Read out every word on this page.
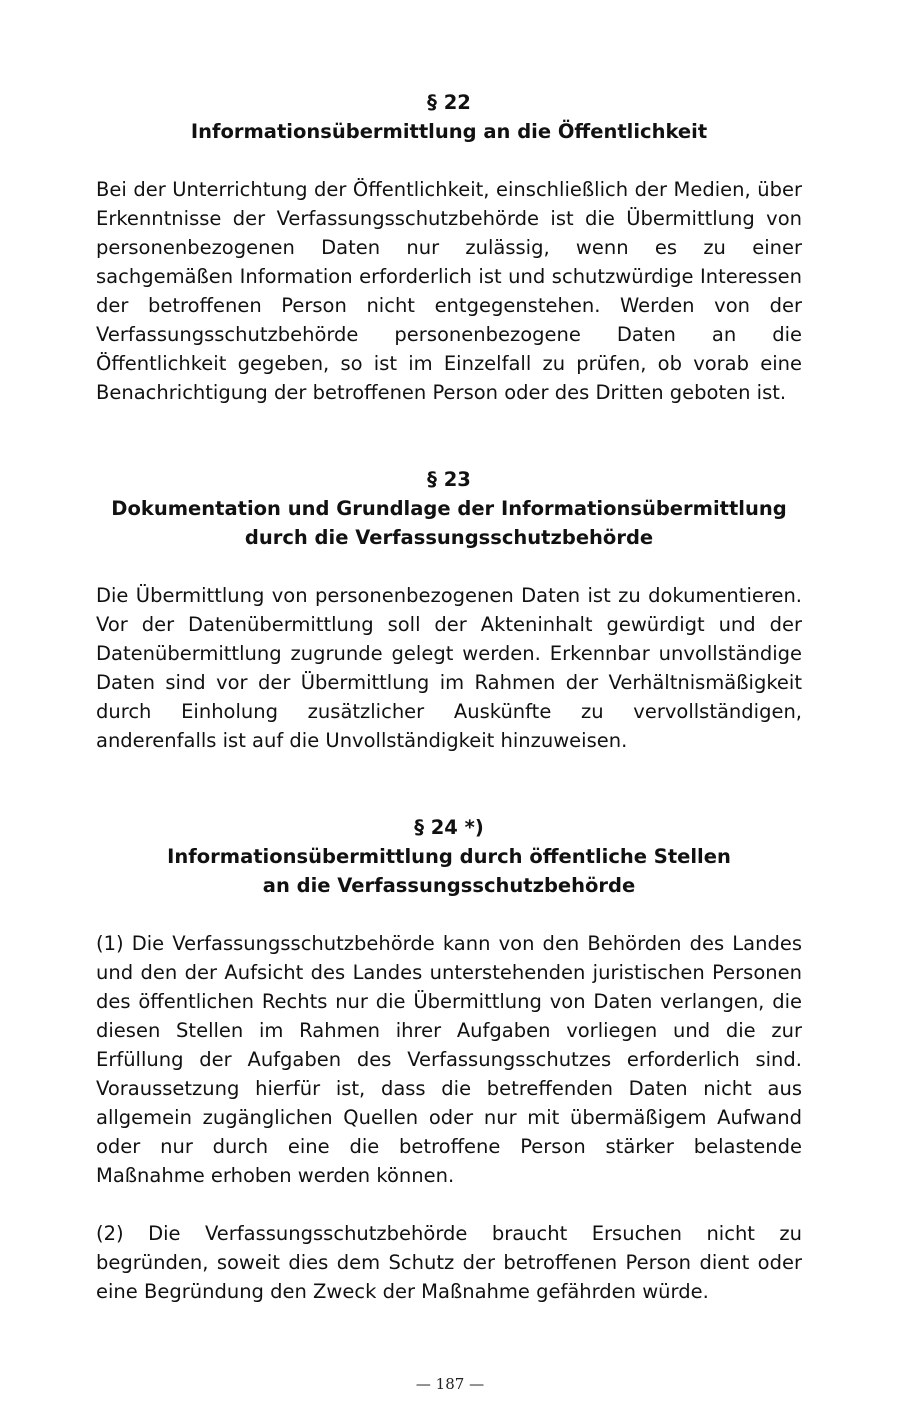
§ 22

Informationsübermittlung an die Öffentlichkeit

Bei der Unterrichtung der Öffentlichkeit, einschließlich der Medien, über Erkenntnisse der Verfassungsschutzbehörde ist die Übermittlung von personenbezogenen Daten nur zulässig, wenn es zu einer sachgemäßen Information erforderlich ist und schutzwürdige Interessen der betroffenen Person nicht entgegenstehen. Werden von der Verfassungsschutzbehörde personenbezogene Daten an die Öffentlichkeit gegeben, so ist im Einzelfall zu prüfen, ob vorab eine Benachrichtigung der betroffenen Person oder des Dritten geboten ist.

§ 23

Dokumentation und Grundlage der Informationsübermittlung

durch die Verfassungsschutzbehörde

Die Übermittlung von personenbezogenen Daten ist zu dokumentieren. Vor der Datenübermittlung soll der Akteninhalt gewürdigt und der Datenübermittlung zugrunde gelegt werden. Erkennbar unvollständige Daten sind vor der Übermittlung im Rahmen der Verhältnismäßigkeit durch Einholung zusätzlicher Auskünfte zu vervollständigen, anderenfalls ist auf die Unvollständigkeit hinzuweisen.

§ 24 *)

Informationsübermittlung durch öffentliche Stellen

an die Verfassungsschutzbehörde

(1) Die Verfassungsschutzbehörde kann von den Behörden des Landes und den der Aufsicht des Landes unterstehenden juristischen Personen des öffentlichen Rechts nur die Übermittlung von Daten verlangen, die diesen Stellen im Rahmen ihrer Aufgaben vorliegen und die zur Erfüllung der Aufgaben des Verfassungsschutzes erforderlich sind. Voraussetzung hierfür ist, dass die betreffenden Daten nicht aus allgemein zugänglichen Quellen oder nur mit übermäßigem Aufwand oder nur durch eine die betroffene Person stärker belastende Maßnahme erhoben werden können.

(2) Die Verfassungsschutzbehörde braucht Ersuchen nicht zu begründen, soweit dies dem Schutz der betroffenen Person dient oder eine Begründung den Zweck der Maßnahme gefährden würde.

— 187 —
